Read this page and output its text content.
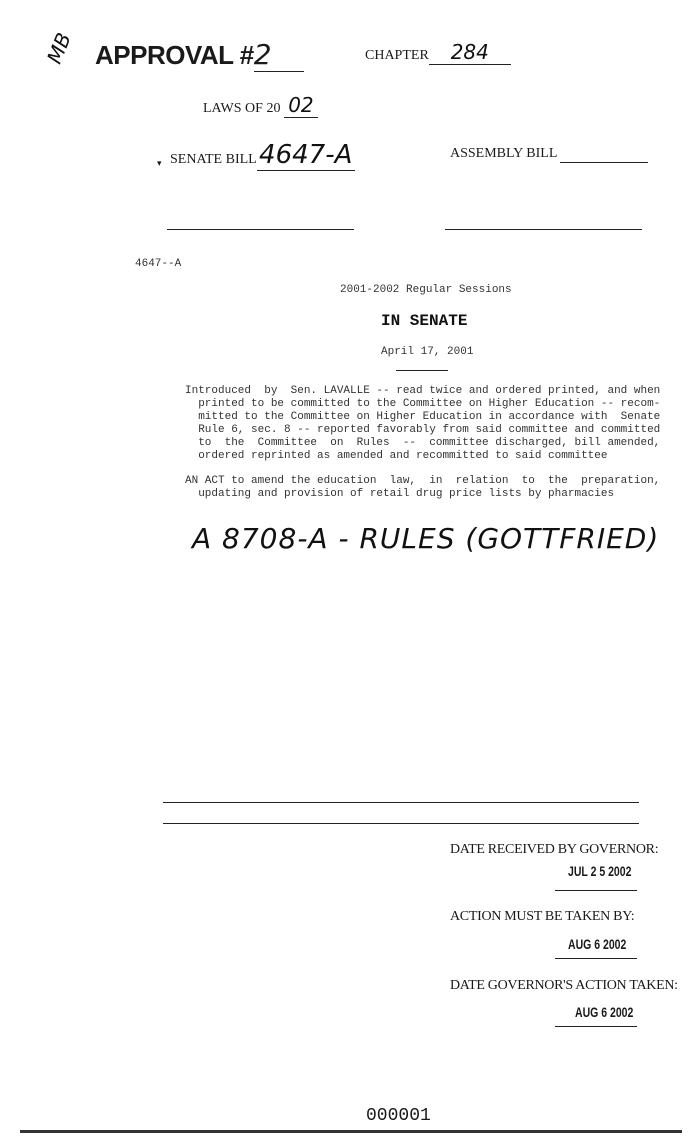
MB APPROVAL #2	CHAPTER 284
LAWS OF 20 02
▾ SENATE BILL4647-A	ASSEMBLY BILL
4647--A
2001-2002 Regular Sessions
IN SENATE
April 17, 2001
Introduced  by  Sen. LAVALLE -- read twice and ordered printed, and when
printed to be committed to the Committee on Higher Education -- recom-
mitted to the Committee on Higher Education in accordance with  Senate
Rule 6, sec. 8 -- reported favorably from said committee and committed
to  the  Committee  on  Rules  --  committee discharged, bill amended,
ordered reprinted as amended and recommitted to said committee
AN ACT to amend the education  law,  in  relation  to  the  preparation,
updating and provision of retail drug price lists by pharmacies
A 8708-A - RULES (GOTTFRIED)
DATE RECEIVED BY GOVERNOR:
JUL 2 5 2002
ACTION MUST BE TAKEN BY:
AUG 6 2002
DATE GOVERNOR'S ACTION TAKEN:
AUG 6 2002
000001
